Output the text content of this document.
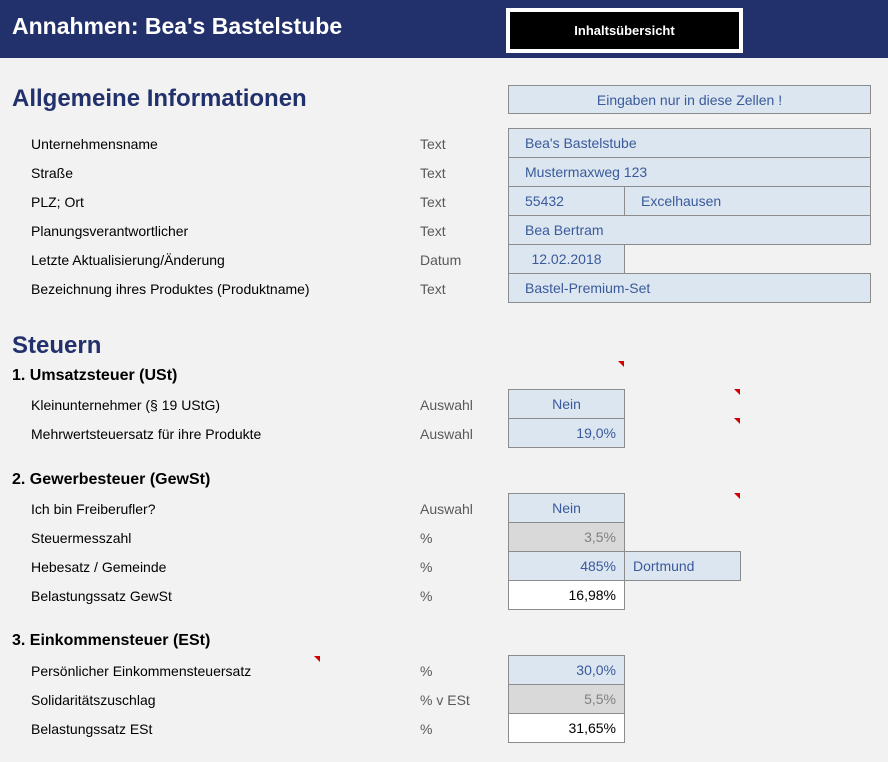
Annahmen: Bea's Bastelstube	Inhaltsübersicht
Allgemeine Informationen	Eingaben nur in diese Zellen !
Unternehmensname	Text	Bea's Bastelstube
Straße	Text	Mustermaxweg 123
PLZ; Ort	Text	55432	Excelhausen
Planungsverantwortlicher	Text	Bea Bertram
Letzte Aktualisierung/Änderung	Datum	12.02.2018
Bezeichnung ihres Produktes (Produktname)	Text	Bastel-Premium-Set
Steuern
1. Umsatzsteuer (USt)
Kleinunternehmer (§ 19 UStG)	Auswahl	Nein
Mehrwertsteuersatz für ihre Produkte	Auswahl	19,0%
2. Gewerbesteuer (GewSt)
Ich bin Freiberufler?	Auswahl	Nein
Steuermesszahl	%	3,5%
Hebesatz / Gemeinde	%	485%	Dortmund
Belastungssatz GewSt	%	16,98%
3. Einkommensteuer (ESt)
Persönlicher Einkommensteuersatz	%	30,0%
Solidaritätszuschlag	% v ESt	5,5%
Belastungssatz ESt	%	31,65%
